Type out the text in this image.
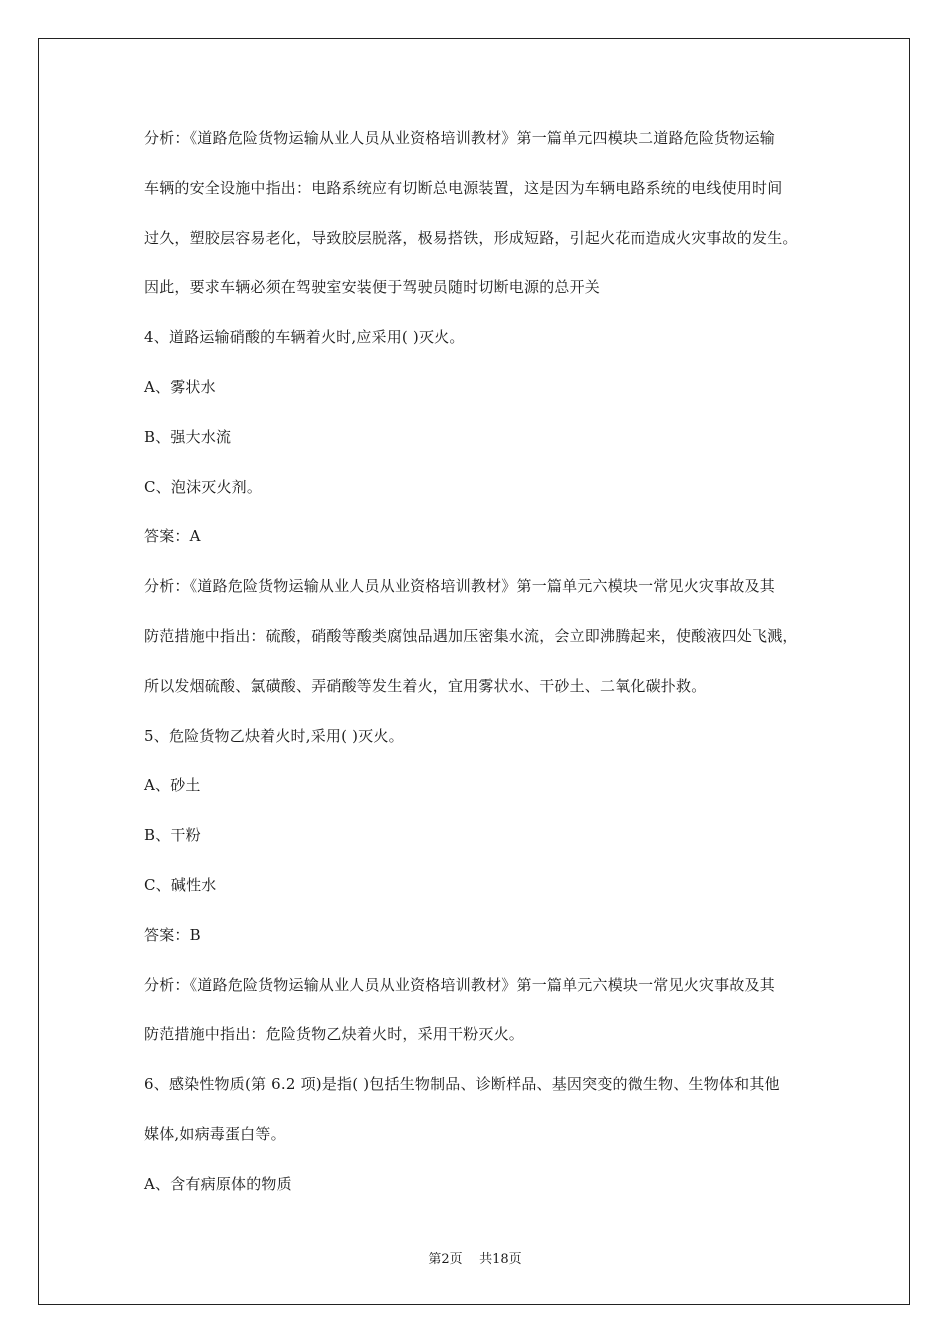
分析：《道路危险货物运输从业人员从业资格培训教材》第一篇单元四模块二道路危险货物运输
车辆的安全设施中指出：电路系统应有切断总电源装置，这是因为车辆电路系统的电线使用时间
过久，塑胶层容易老化，导致胶层脱落，极易搭铁，形成短路，引起火花而造成火灾事故的发生。
因此，要求车辆必须在驾驶室安装便于驾驶员随时切断电源的总开关
4、道路运输硝酸的车辆着火时,应采用( )灭火。
A、雾状水
B、强大水流
C、泡沫灭火剂。
答案：A
分析：《道路危险货物运输从业人员从业资格培训教材》第一篇单元六模块一常见火灾事故及其
防范措施中指出：硫酸，硝酸等酸类腐蚀品遇加压密集水流，会立即沸腾起来，使酸液四处飞溅，
所以发烟硫酸、氯磺酸、弄硝酸等发生着火，宜用雾状水、干砂土、二氧化碳扑救。
5、危险货物乙炔着火时,采用( )灭火。
A、砂土
B、干粉
C、碱性水
答案：B
分析：《道路危险货物运输从业人员从业资格培训教材》第一篇单元六模块一常见火灾事故及其
防范措施中指出：危险货物乙炔着火时，采用干粉灭火。
6、感染性物质(第 6.2 项)是指( )包括生物制品、诊断样品、基因突变的微生物、生物体和其他
媒体,如病毒蛋白等。
A、含有病原体的物质
第2页    共18页
